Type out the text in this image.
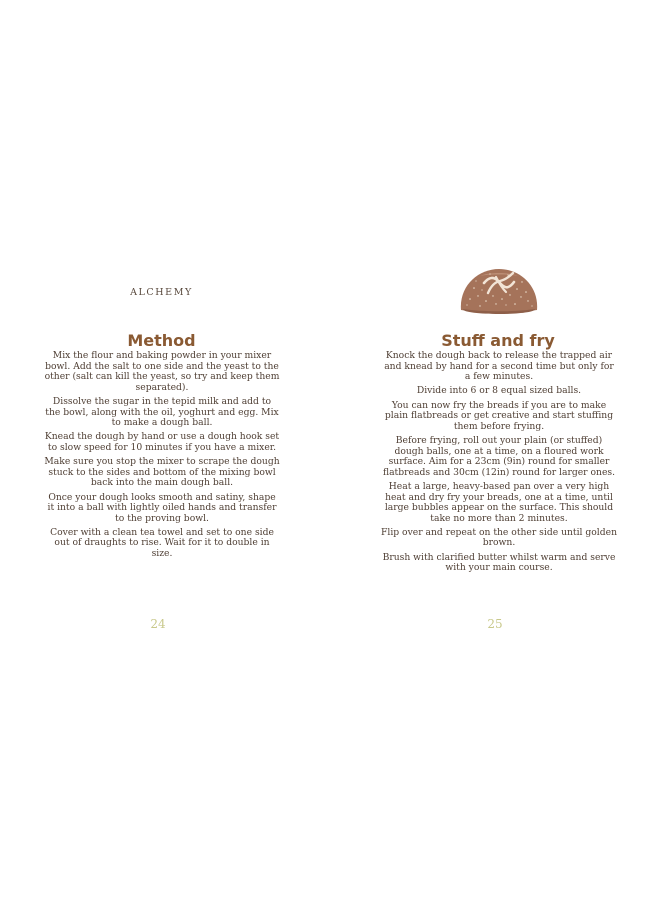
ALCHEMY
Method

Mix the flour and baking powder in your mixer bowl. Add the salt to one side and the yeast to the other (salt can kill the yeast, so try and keep them separated).

Dissolve the sugar in the tepid milk and add to the bowl, along with the oil, yoghurt and egg. Mix to make a dough ball.

Knead the dough by hand or use a dough hook set to slow speed for 10 minutes if you have a mixer.

Make sure you stop the mixer to scrape the dough stuck to the sides and bottom of the mixing bowl back into the main dough ball.

Once your dough looks smooth and satiny, shape it into a ball with lightly oiled hands and transfer to the proving bowl.

Cover with a clean tea towel and set to one side out of draughts to rise. Wait for it to double in size.

24
Stuff and fry

Knock the dough back to release the trapped air and knead by hand for a second time but only for a few minutes.

Divide into 6 or 8 equal sized balls.

You can now fry the breads if you are to make plain flatbreads or get creative and start stuffing them before frying.

Before frying, roll out your plain (or stuffed) dough balls, one at a time, on a floured work surface. Aim for a 23cm (9in) round for smaller flatbreads and 30cm (12in) round for larger ones.

Heat a large, heavy-based pan over a very high heat and dry fry your breads, one at a time, until large bubbles appear on the surface. This should take no more than 2 minutes.

Flip over and repeat on the other side until golden brown.

Brush with clarified butter whilst warm and serve with your main course.

25
